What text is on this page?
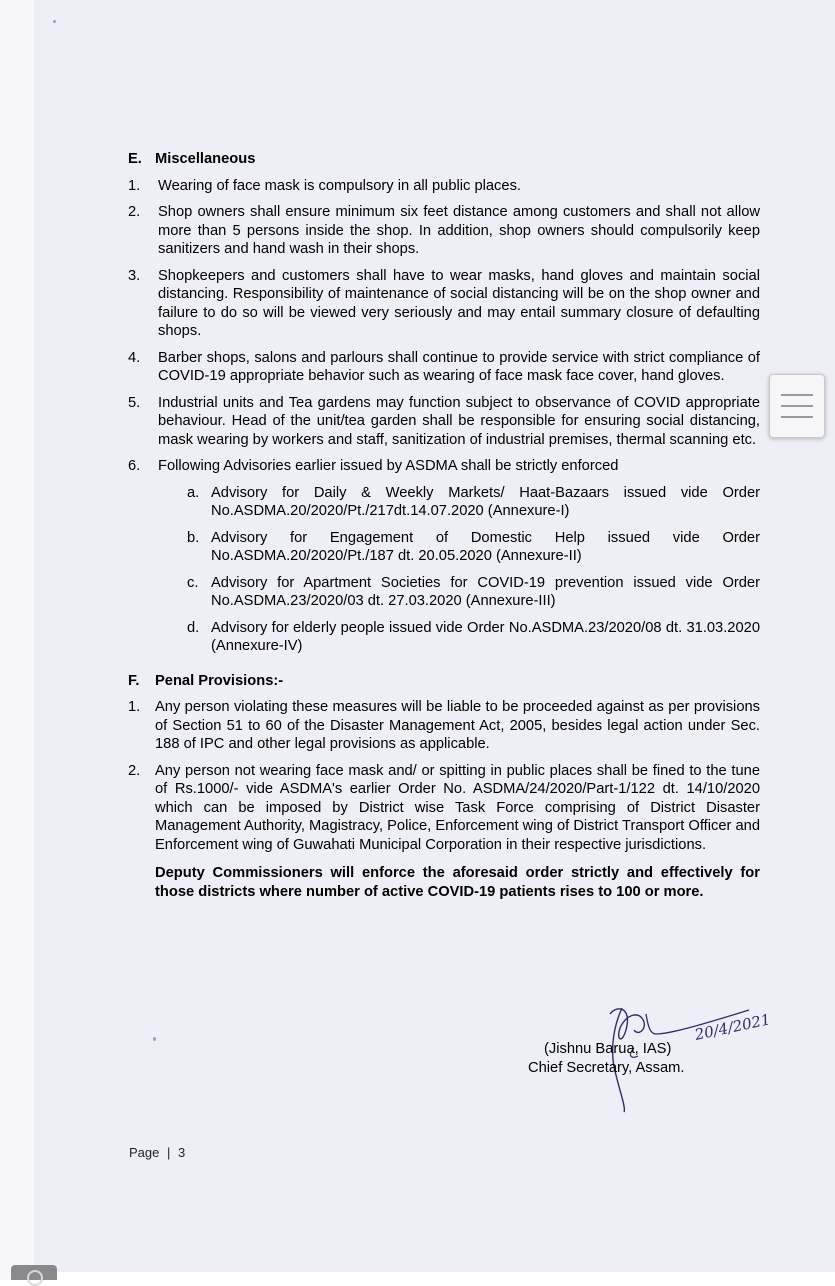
E. Miscellaneous
1.	Wearing of face mask is compulsory in all public places.
2.	Shop owners shall ensure minimum six feet distance among customers and shall not allow more than 5 persons inside the shop. In addition, shop owners should compulsorily keep sanitizers and hand wash in their shops.
3.	Shopkeepers and customers shall have to wear masks, hand gloves and maintain social distancing. Responsibility of maintenance of social distancing will be on the shop owner and failure to do so will be viewed very seriously and may entail summary closure of defaulting shops.
4.	Barber shops, salons and parlours shall continue to provide service with strict compliance of COVID-19 appropriate behavior such as wearing of face mask face cover, hand gloves.
5.	Industrial units and Tea gardens may function subject to observance of COVID appropriate behaviour. Head of the unit/tea garden shall be responsible for ensuring social distancing, mask wearing by workers and staff, sanitization of industrial premises, thermal scanning etc.
6.	Following Advisories earlier issued by ASDMA shall be strictly enforced
a. Advisory for Daily & Weekly Markets/ Haat-Bazaars issued vide Order No.ASDMA.20/2020/Pt./217dt.14.07.2020 (Annexure-I)
b. Advisory for Engagement of Domestic Help issued vide Order No.ASDMA.20/2020/Pt./187 dt. 20.05.2020 (Annexure-II)
c. Advisory for Apartment Societies for COVID-19 prevention issued vide Order No.ASDMA.23/2020/03 dt. 27.03.2020 (Annexure-III)
d. Advisory for elderly people issued vide Order No.ASDMA.23/2020/08 dt. 31.03.2020 (Annexure-IV)
F.	Penal Provisions:-
1.	Any person violating these measures will be liable to be proceeded against as per provisions of Section 51 to 60 of the Disaster Management Act, 2005, besides legal action under Sec. 188 of IPC and other legal provisions as applicable.
2.	Any person not wearing face mask and/ or spitting in public places shall be fined to the tune of Rs.1000/- vide ASDMA's earlier Order No. ASDMA/24/2020/Part-1/122 dt. 14/10/2020 which can be imposed by District wise Task Force comprising of District Disaster Management Authority, Magistracy, Police, Enforcement wing of District Transport Officer and Enforcement wing of Guwahati Municipal Corporation in their respective jurisdictions.
Deputy Commissioners will enforce the aforesaid order strictly and effectively for those districts where number of active COVID-19 patients rises to 100 or more.
20/4/2021
(Jishnu Barua, IAS)
Chief Secretary, Assam.
Page | 3
